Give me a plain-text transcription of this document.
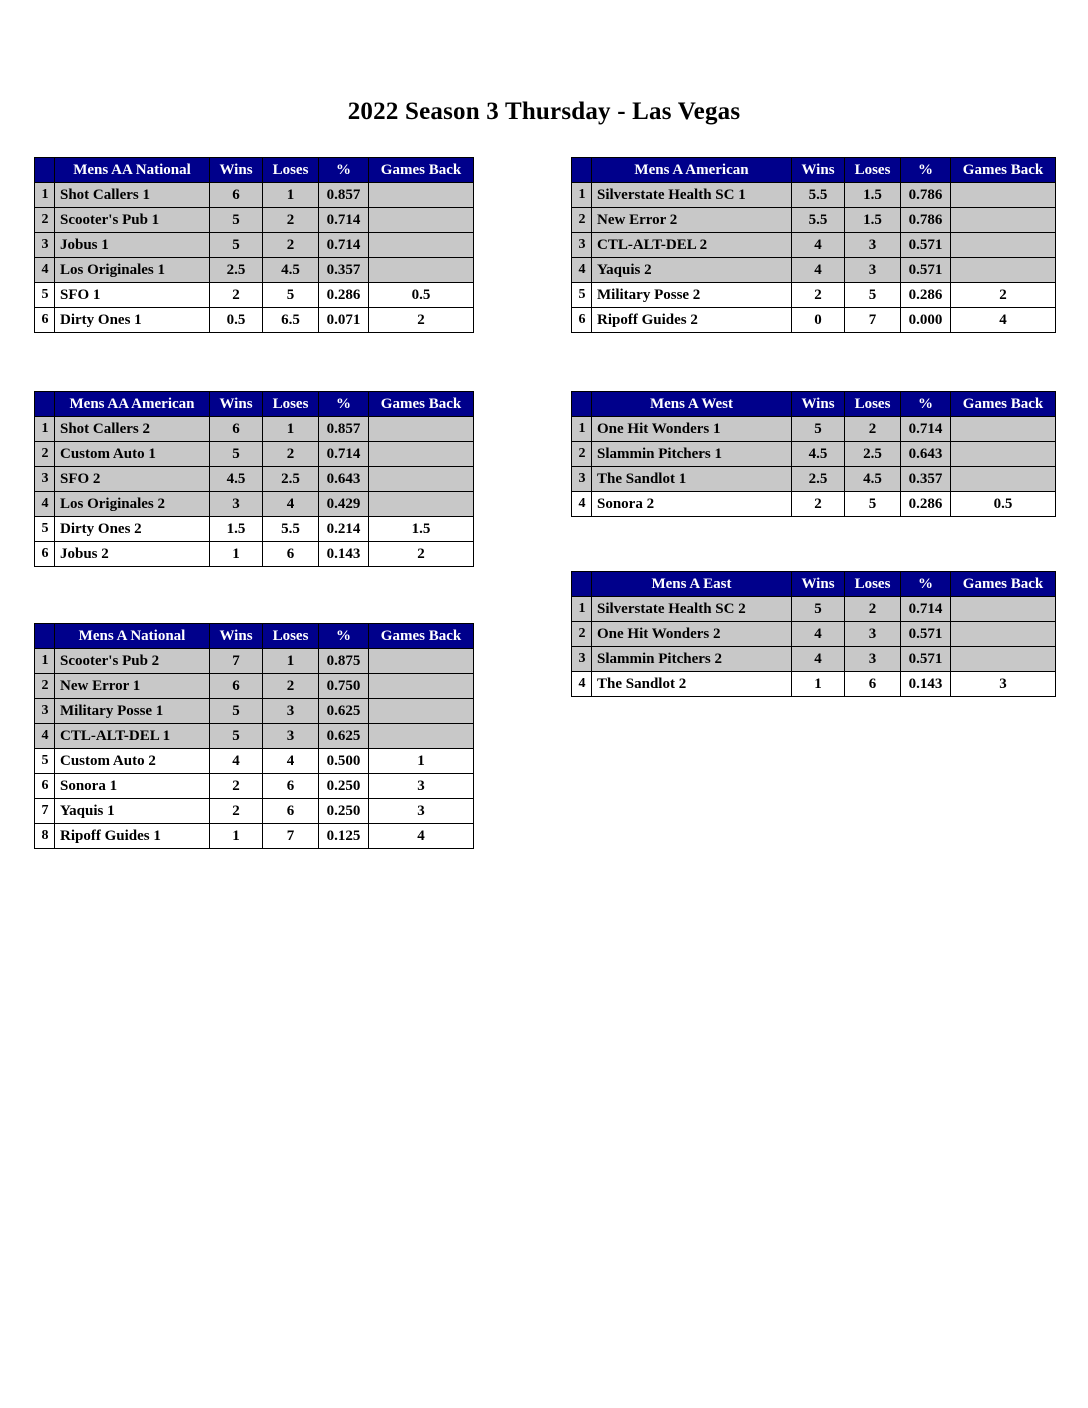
2022 Season 3 Thursday - Las Vegas
	Mens AA National	Wins	Loses	%	Games Back
1	Shot Callers 1	6	1	0.857	
2	Scooter's Pub 1	5	2	0.714	
3	Jobus 1	5	2	0.714	
4	Los Originales 1	2.5	4.5	0.357	
5	SFO 1	2	5	0.286	0.5
6	Dirty Ones 1	0.5	6.5	0.071	2
	Mens AA American	Wins	Loses	%	Games Back
1	Shot Callers 2	6	1	0.857	
2	Custom Auto 1	5	2	0.714	
3	SFO 2	4.5	2.5	0.643	
4	Los Originales 2	3	4	0.429	
5	Dirty Ones 2	1.5	5.5	0.214	1.5
6	Jobus 2	1	6	0.143	2
	Mens A National	Wins	Loses	%	Games Back
1	Scooter's Pub 2	7	1	0.875	
2	New Error 1	6	2	0.750	
3	Military Posse 1	5	3	0.625	
4	CTL-ALT-DEL 1	5	3	0.625	
5	Custom Auto 2	4	4	0.500	1
6	Sonora 1	2	6	0.250	3
7	Yaquis 1	2	6	0.250	3
8	Ripoff Guides 1	1	7	0.125	4
	Mens A American	Wins	Loses	%	Games Back
1	Silverstate Health SC 1	5.5	1.5	0.786	
2	New Error 2	5.5	1.5	0.786	
3	CTL-ALT-DEL 2	4	3	0.571	
4	Yaquis 2	4	3	0.571	
5	Military Posse 2	2	5	0.286	2
6	Ripoff Guides 2	0	7	0.000	4
	Mens A West	Wins	Loses	%	Games Back
1	One Hit Wonders 1	5	2	0.714	
2	Slammin Pitchers 1	4.5	2.5	0.643	
3	The Sandlot 1	2.5	4.5	0.357	
4	Sonora 2	2	5	0.286	0.5
	Mens A East	Wins	Loses	%	Games Back
1	Silverstate Health SC 2	5	2	0.714	
2	One Hit Wonders 2	4	3	0.571	
3	Slammin Pitchers 2	4	3	0.571	
4	The Sandlot 2	1	6	0.143	3
